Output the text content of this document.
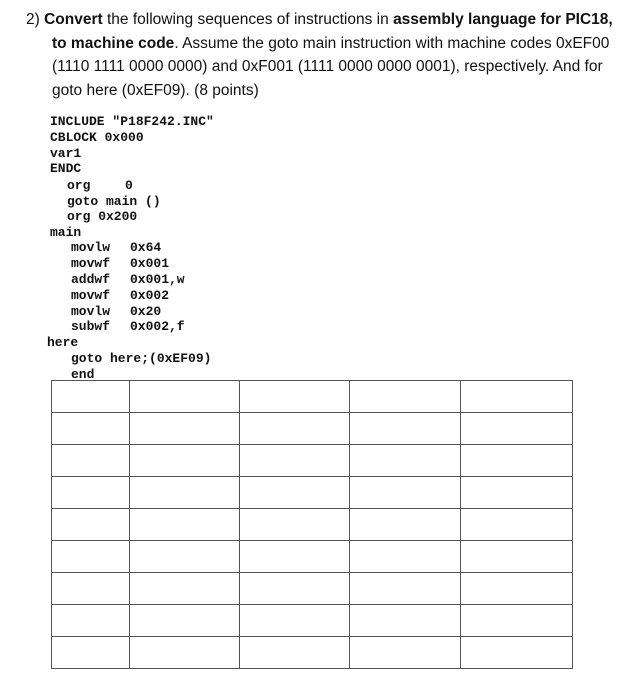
2) Convert the following sequences of instructions in assembly language for PIC18,
to machine code. Assume the goto main instruction with machine codes 0xEF00
(1110 1111 0000 0000) and 0xF001 (1111 0000 0000 0001), respectively. And for
goto here (0xEF09). (8 points)
INCLUDE "P18F242.INC"
CBLOCK 0x000
var1
ENDC
org	0
goto main ()
org 0x200
main
movlw 0x64
movwf 0x001
addwf 0x001,w
movwf 0x002
movlw 0x20
subwf 0x002,f
here
goto here;(0xEF09)
end
